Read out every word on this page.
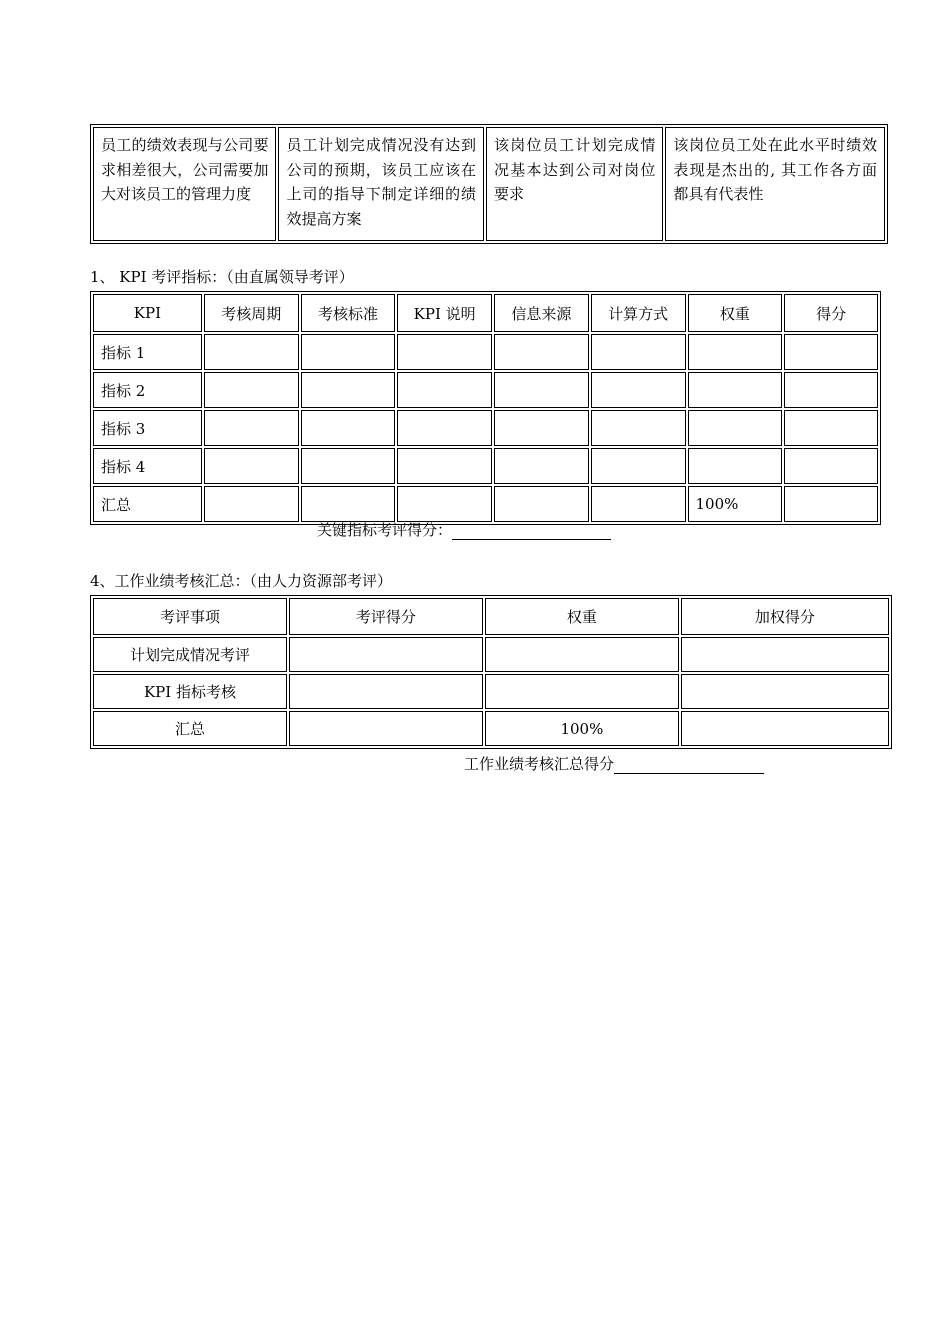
员工的绩效表现与公司要求相差很大，公司需要加大对该员工的管理力度	员工计划完成情况没有达到公司的预期，该员工应该在上司的指导下制定详细的绩效提高方案	该岗位员工计划完成情况基本达到公司对岗位要求	该岗位员工处在此水平时绩效表现是杰出的, 其工作各方面都具有代表性
1、 KPI 考评指标：（由直属领导考评）
KPI	考核周期	考核标准	KPI 说明	信息来源	计算方式	权重	得分
指标 1							
指标 2							
指标 3							
指标 4							
汇总						100%	
关键指标考评得分：
4、工作业绩考核汇总：（由人力资源部考评）
考评事项	考评得分	权重	加权得分
计划完成情况考评			
KPI 指标考核			
汇总		100%	
工作业绩考核汇总得分
